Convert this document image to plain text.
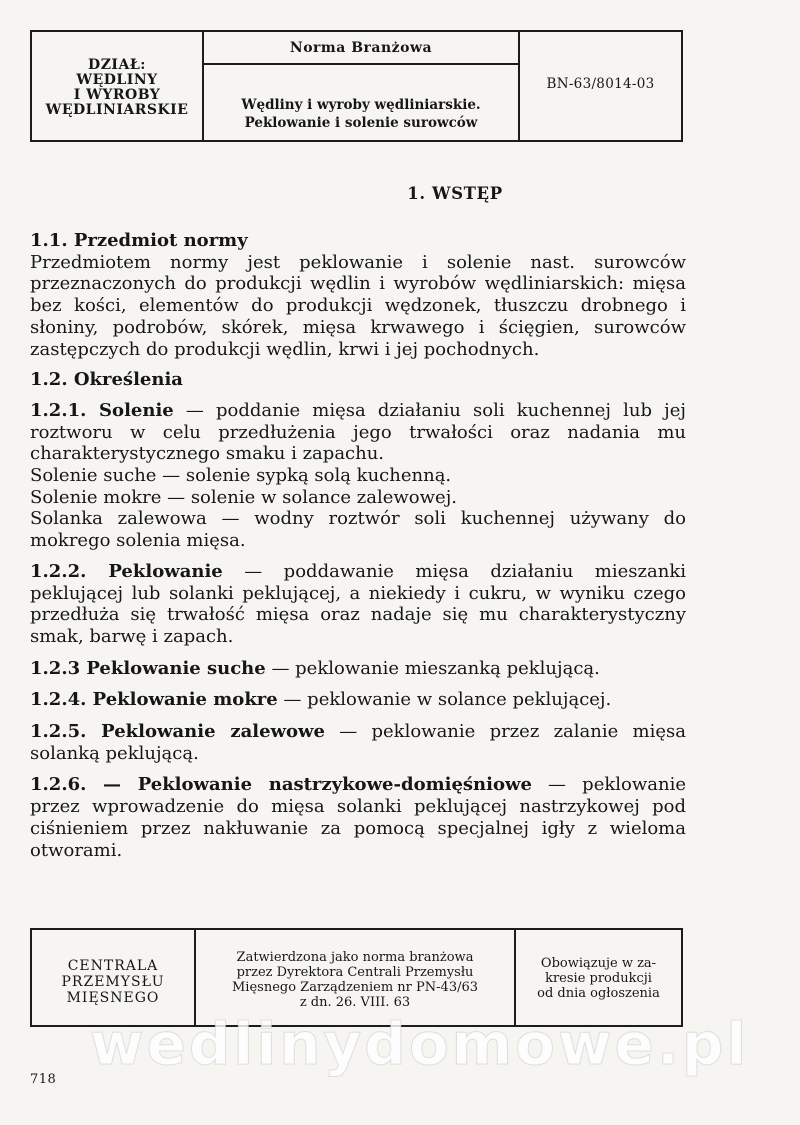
DZIAŁ:
WĘDLINY
I WYROBY
WĘDLINIARSKIE
Norma Branżowa
Wędliny i wyroby wędliniarskie.
Peklowanie i solenie surowców
BN-63/8014-03
1. WSTĘP

1.1. Przedmiot normy

Przedmiotem normy jest peklowanie i solenie nast. surowców przeznaczonych do produkcji wędlin i wyrobów wędliniarskich: mięsa bez kości, elementów do produkcji wędzonek, tłuszczu drobnego i słoniny, podrobów, skórek, mięsa krwawego i ścięgien, surowców zastępczych do produkcji wędlin, krwi i jej pochodnych.

1.2. Określenia

1.2.1. Solenie — poddanie mięsa działaniu soli kuchennej lub jej roztworu w celu przedłużenia jego trwałości oraz nadania mu charakterystycznego smaku i zapachu.

Solenie suche — solenie sypką solą kuchenną.

Solenie mokre — solenie w solance zalewowej.

Solanka zalewowa — wodny roztwór soli kuchennej używany do mokrego solenia mięsa.

1.2.2. Peklowanie — poddawanie mięsa działaniu mieszanki peklującej lub solanki peklującej, a niekiedy i cukru, w wyniku czego przedłuża się trwałość mięsa oraz nadaje się mu charakterystyczny smak, barwę i zapach.

1.2.3 Peklowanie suche — peklowanie mieszanką peklującą.

1.2.4. Peklowanie mokre — peklowanie w solance peklującej.

1.2.5. Peklowanie zalewowe — peklowanie przez zalanie mięsa solanką peklującą.

1.2.6. — Peklowanie nastrzykowe-domięśniowe — peklowanie przez wprowadzenie do mięsa solanki peklującej nastrzykowej pod ciśnieniem przez nakłuwanie za pomocą specjalnej igły z wieloma otworami.

CENTRALA
PRZEMYSŁU
MIĘSNEGO
Zatwierdzona jako norma branżowa
przez Dyrektora Centrali Przemysłu
Mięsnego Zarządzeniem nr PN-43/63
z dn. 26. VIII. 63
Obowiązuje w za-
kresie produkcji
od dnia ogłoszenia
wedlinydomowe.pl
718
